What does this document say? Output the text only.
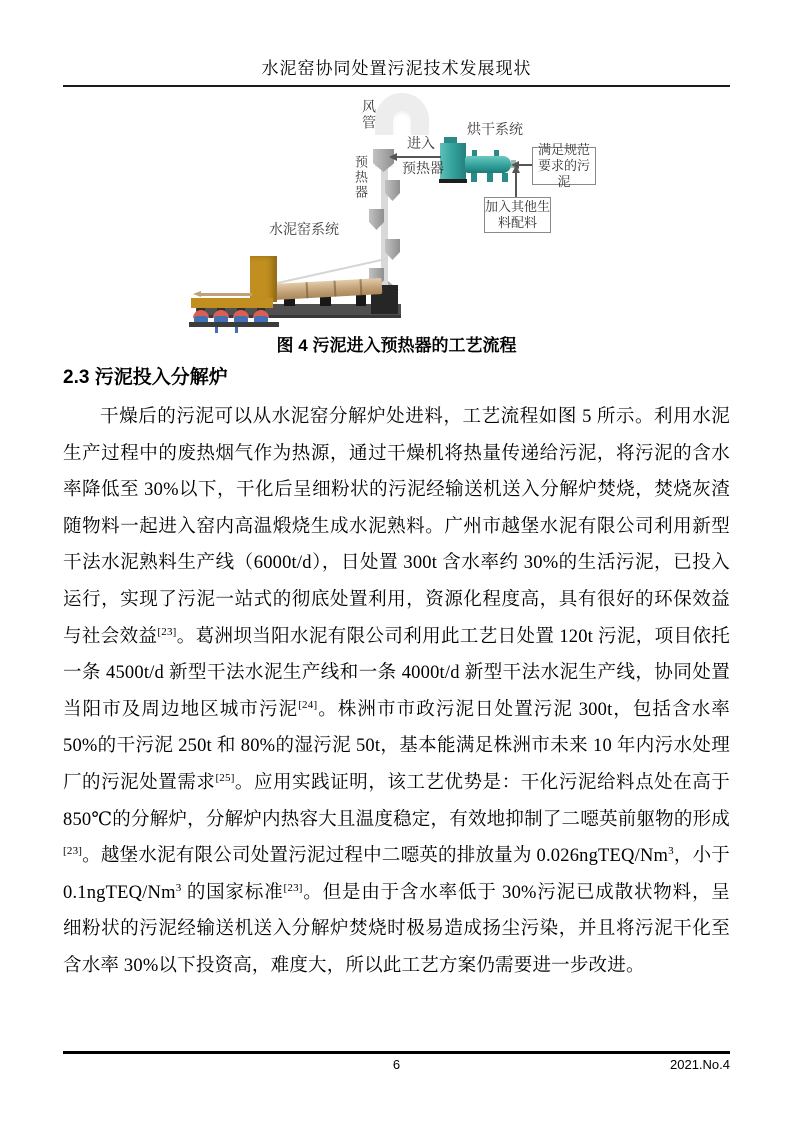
水泥窑协同处置污泥技术发展现状
满足规范要求的污泥
加入其他生料配料
风管
进入
预热器
烘干系统
预热器
水泥窑系统
图 4 污泥进入预热器的工艺流程
2.3 污泥投入分解炉

干燥后的污泥可以从水泥窑分解炉处进料，工艺流程如图 5 所示。利用水泥生产过程中的废热烟气作为热源，通过干燥机将热量传递给污泥，将污泥的含水率降低至 30%以下，干化后呈细粉状的污泥经输送机送入分解炉焚烧，焚烧灰渣随物料一起进入窑内高温煅烧生成水泥熟料。广州市越堡水泥有限公司利用新型干法水泥熟料生产线（6000t/d），日处置 300t 含水率约 30%的生活污泥，已投入运行，实现了污泥一站式的彻底处置利用，资源化程度高，具有很好的环保效益与社会效益[23]。葛洲坝当阳水泥有限公司利用此工艺日处置 120t 污泥，项目依托一条 4500t/d 新型干法水泥生产线和一条 4000t/d 新型干法水泥生产线，协同处置当阳市及周边地区城市污泥[24]。株洲市市政污泥日处置污泥 300t，包括含水率 50%的干污泥 250t 和 80%的湿污泥 50t，基本能满足株洲市未来 10 年内污水处理厂的污泥处置需求[25]。应用实践证明，该工艺优势是：干化污泥给料点处在高于 850℃的分解炉，分解炉内热容大且温度稳定，有效地抑制了二噁英前躯物的形成[23]。越堡水泥有限公司处置污泥过程中二噁英的排放量为 0.026ngTEQ/Nm$^3$，小于 0.1ngTEQ/Nm$^3$ 的国家标准[23]。但是由于含水率低于 30%污泥已成散状物料，呈细粉状的污泥经输送机送入分解炉焚烧时极易造成扬尘污染，并且将污泥干化至含水率 30%以下投资高，难度大，所以此工艺方案仍需要进一步改进。

6	2021.No.4
